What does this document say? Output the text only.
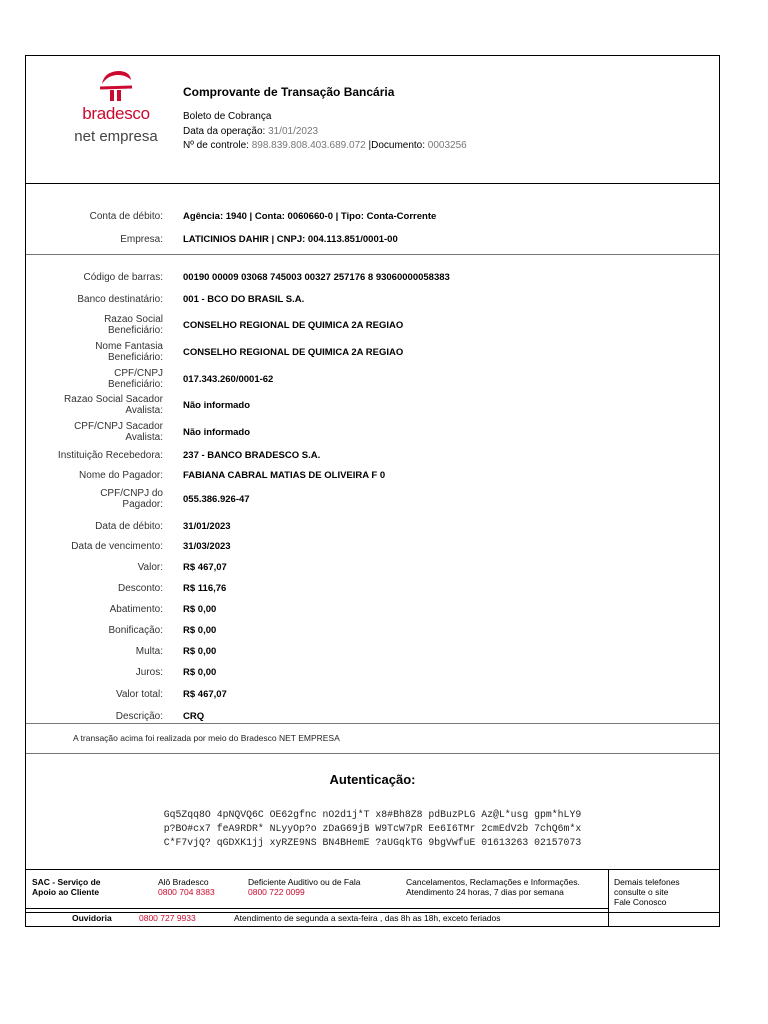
bradesco
net empresa
Comprovante de Transação Bancária
Boleto de Cobrança
Data da operação: 31/01/2023
Nº de controle: 898.839.808.403.689.072 |Documento: 0003256
Conta de débito: Agência: 1940 | Conta: 0060660-0 | Tipo: Conta-Corrente
Empresa: LATICINIOS DAHIR | CNPJ: 004.113.851/0001-00
Código de barras: 00190 00009 03068 745003 00327 257176 8 93060000058383
Banco destinatário: 001 - BCO DO BRASIL S.A.
Razao Social
Beneficiário: CONSELHO REGIONAL DE QUIMICA 2A REGIAO
Nome Fantasia
Beneficiário: CONSELHO REGIONAL DE QUIMICA 2A REGIAO
CPF/CNPJ
Beneficiário: 017.343.260/0001-62
Razao Social Sacador
Avalista: Não informado
CPF/CNPJ Sacador
Avalista: Não informado
Instituição Recebedora: 237 - BANCO BRADESCO S.A.
Nome do Pagador: FABIANA CABRAL MATIAS DE OLIVEIRA F 0
CPF/CNPJ do
Pagador: 055.386.926-47
Data de débito: 31/01/2023
Data de vencimento: 31/03/2023
Valor: R$ 467,07
Desconto: R$ 116,76
Abatimento: R$ 0,00
Bonificação: R$ 0,00
Multa: R$ 0,00
Juros: R$ 0,00
Valor total: R$ 467,07
Descrição: CRQ
A transação acima foi realizada por meio do Bradesco NET EMPRESA
Autenticação:
Gq5Zqq8O 4pNQVQ6C OE62gfnc nO2d1j*T x8#Bh8Z8 pdBuzPLG Az@L*usg gpm*hLY9
p?BO#cx7 feA9RDR* NLyyOp?o zDaG69jB W9TcW7pR Ee6I6TMr 2cmEdV2b 7chQ6m*x
C*F7vjQ? qGDXK1jj xyRZE9NS BN4BHemE ?aUGqkTG 9bgVwfuE 01613263 02157073
SAC - Serviço de
Apoio ao Cliente
Alô Bradesco
0800 704 8383
Deficiente Auditivo ou de Fala
0800 722 0099
Cancelamentos, Reclamações e Informações.
Atendimento 24 horas, 7 dias por semana
Demais telefones
consulte o site
Fale Conosco
Ouvidoria	0800 727 9933	Atendimento de segunda a sexta-feira , das 8h as 18h, exceto feriados
